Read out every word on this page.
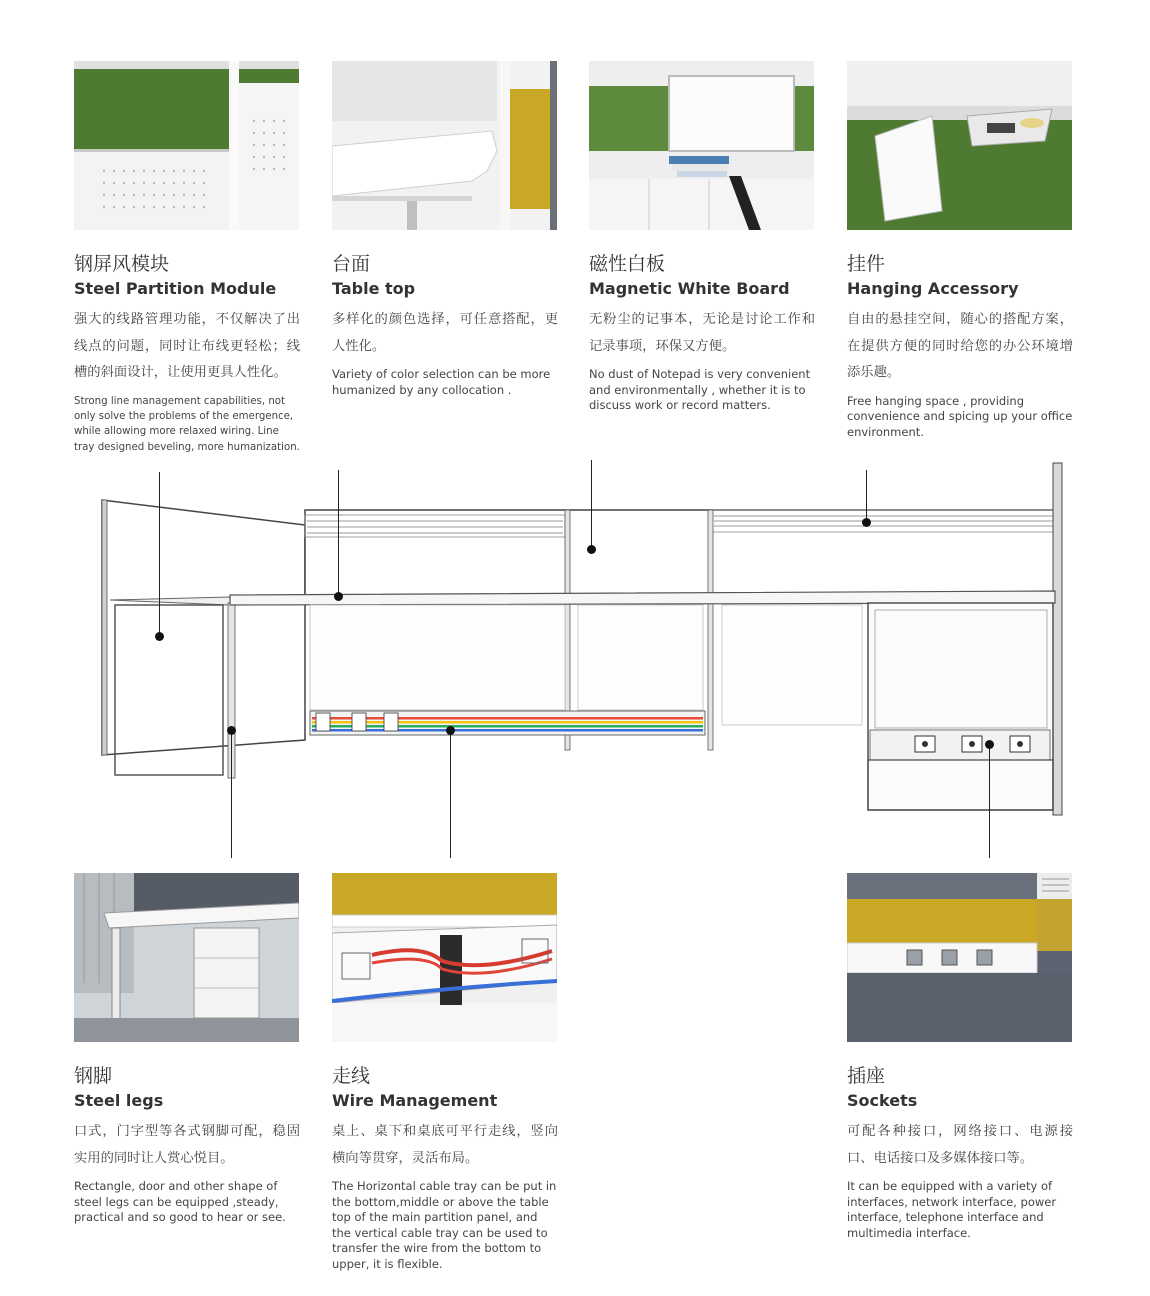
钢屏风模块
Steel Partition Module
强大的线路管理功能，不仅解决了出线点的问题，同时让布线更轻松；线槽的斜面设计，让使用更具人性化。
Strong line management capabilities, not only solve the problems of the emergence, while allowing more relaxed wiring. Line tray designed beveling, more humanization.
台面
Table top
多样化的颜色选择，可任意搭配，更人性化。
Variety of color selection can be more humanized by any collocation .
磁性白板
Magnetic White Board
无粉尘的记事本，无论是讨论工作和记录事项，环保又方便。
No dust of Notepad is very convenient and environmentally , whether it is to discuss work or record matters.
挂件
Hanging Accessory
自由的悬挂空间，随心的搭配方案，在提供方便的同时给您的办公环境增添乐趣。
Free hanging space , providing convenience and spicing up your office environment.
钢脚
Steel legs
口式，门字型等各式钢脚可配，稳固实用的同时让人赏心悦目。
Rectangle, door and other shape of steel legs can be equipped ,steady, practical and so good to hear or see.
走线
Wire Management
桌上、桌下和桌底可平行走线，竖向横向等贯穿，灵活布局。
The Horizontal cable tray can be put in the bottom,middle or above the table top of the main partition panel, and the vertical cable tray can be used to transfer the wire from the bottom to upper, it is flexible.
插座
Sockets
可配各种接口，网络接口、电源接口、电话接口及多媒体接口等。
It can be equipped with a variety of interfaces, network interface, power interface, telephone interface and multimedia interface.
